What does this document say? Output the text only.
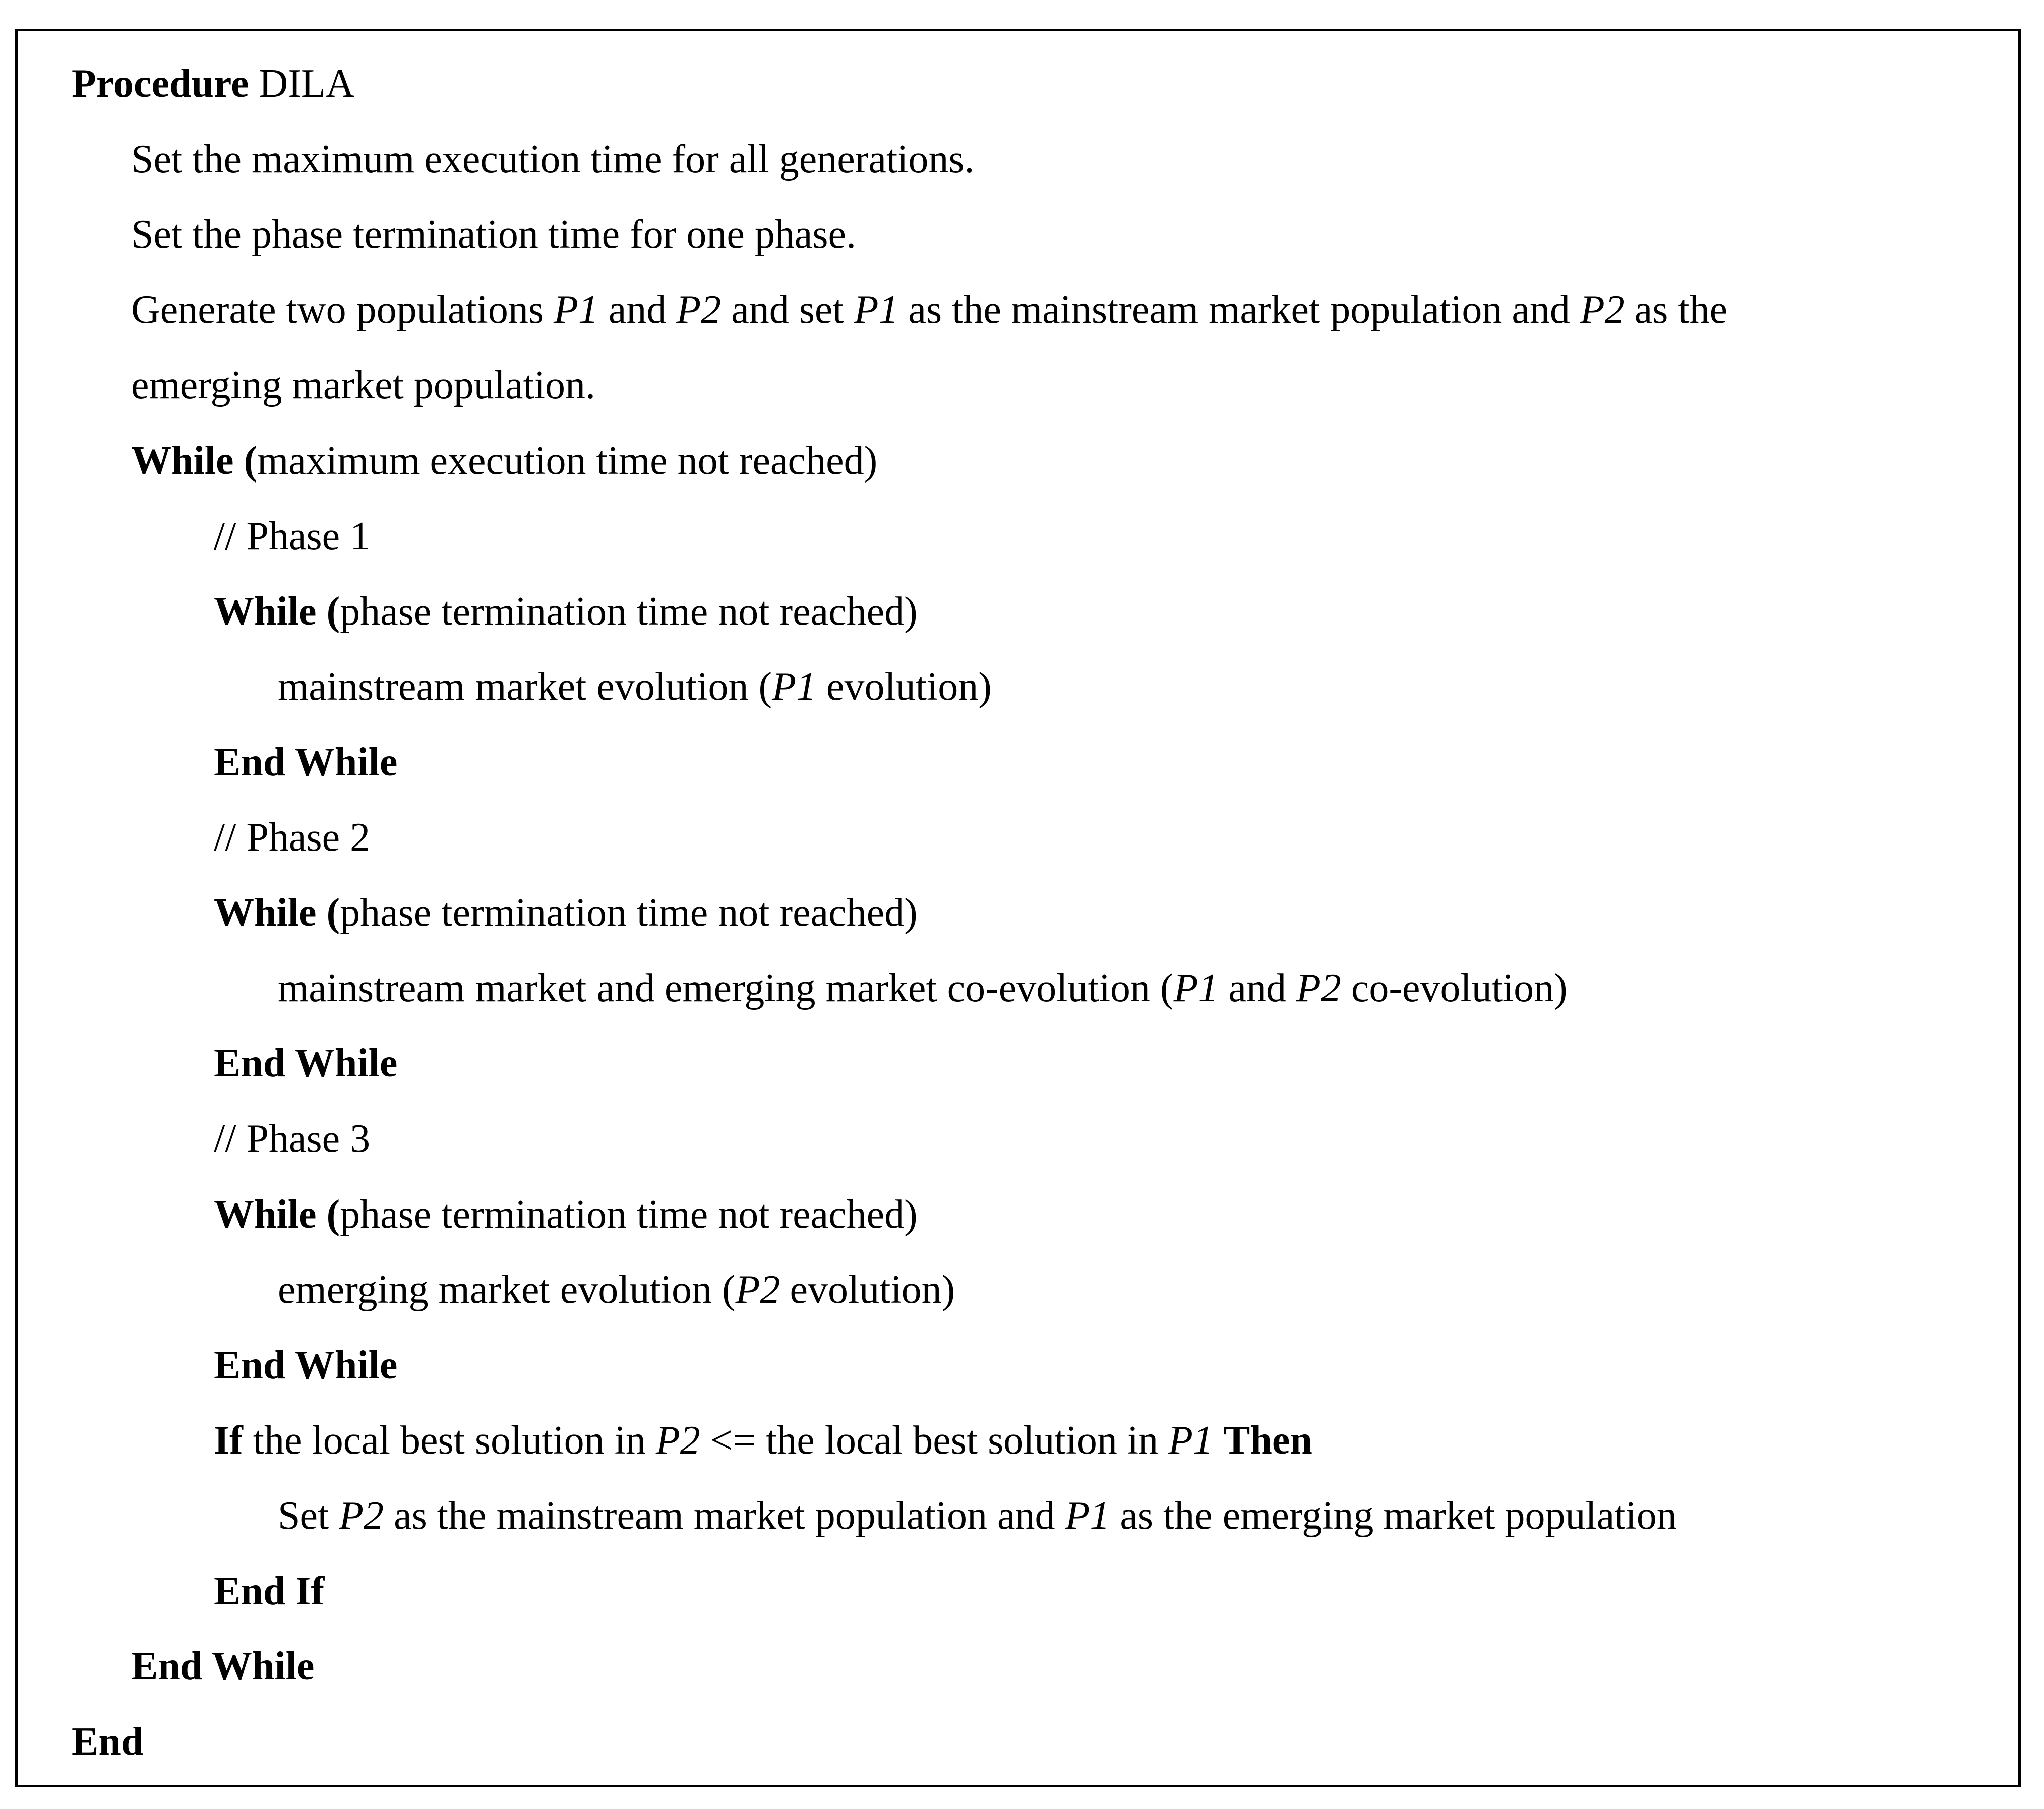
Procedure DILA
Set the maximum execution time for all generations.
Set the phase termination time for one phase.
Generate two populations P1 and P2 and set P1 as the mainstream market population and P2 as the
emerging market population.
While (maximum execution time not reached)
// Phase 1
While (phase termination time not reached)
mainstream market evolution (P1 evolution)
End While
// Phase 2
While (phase termination time not reached)
mainstream market and emerging market co-evolution (P1 and P2 co-evolution)
End While
// Phase 3
While (phase termination time not reached)
emerging market evolution (P2 evolution)
End While
If the local best solution in P2 <= the local best solution in P1 Then
Set P2 as the mainstream market population and P1 as the emerging market population
End If
End While
End
